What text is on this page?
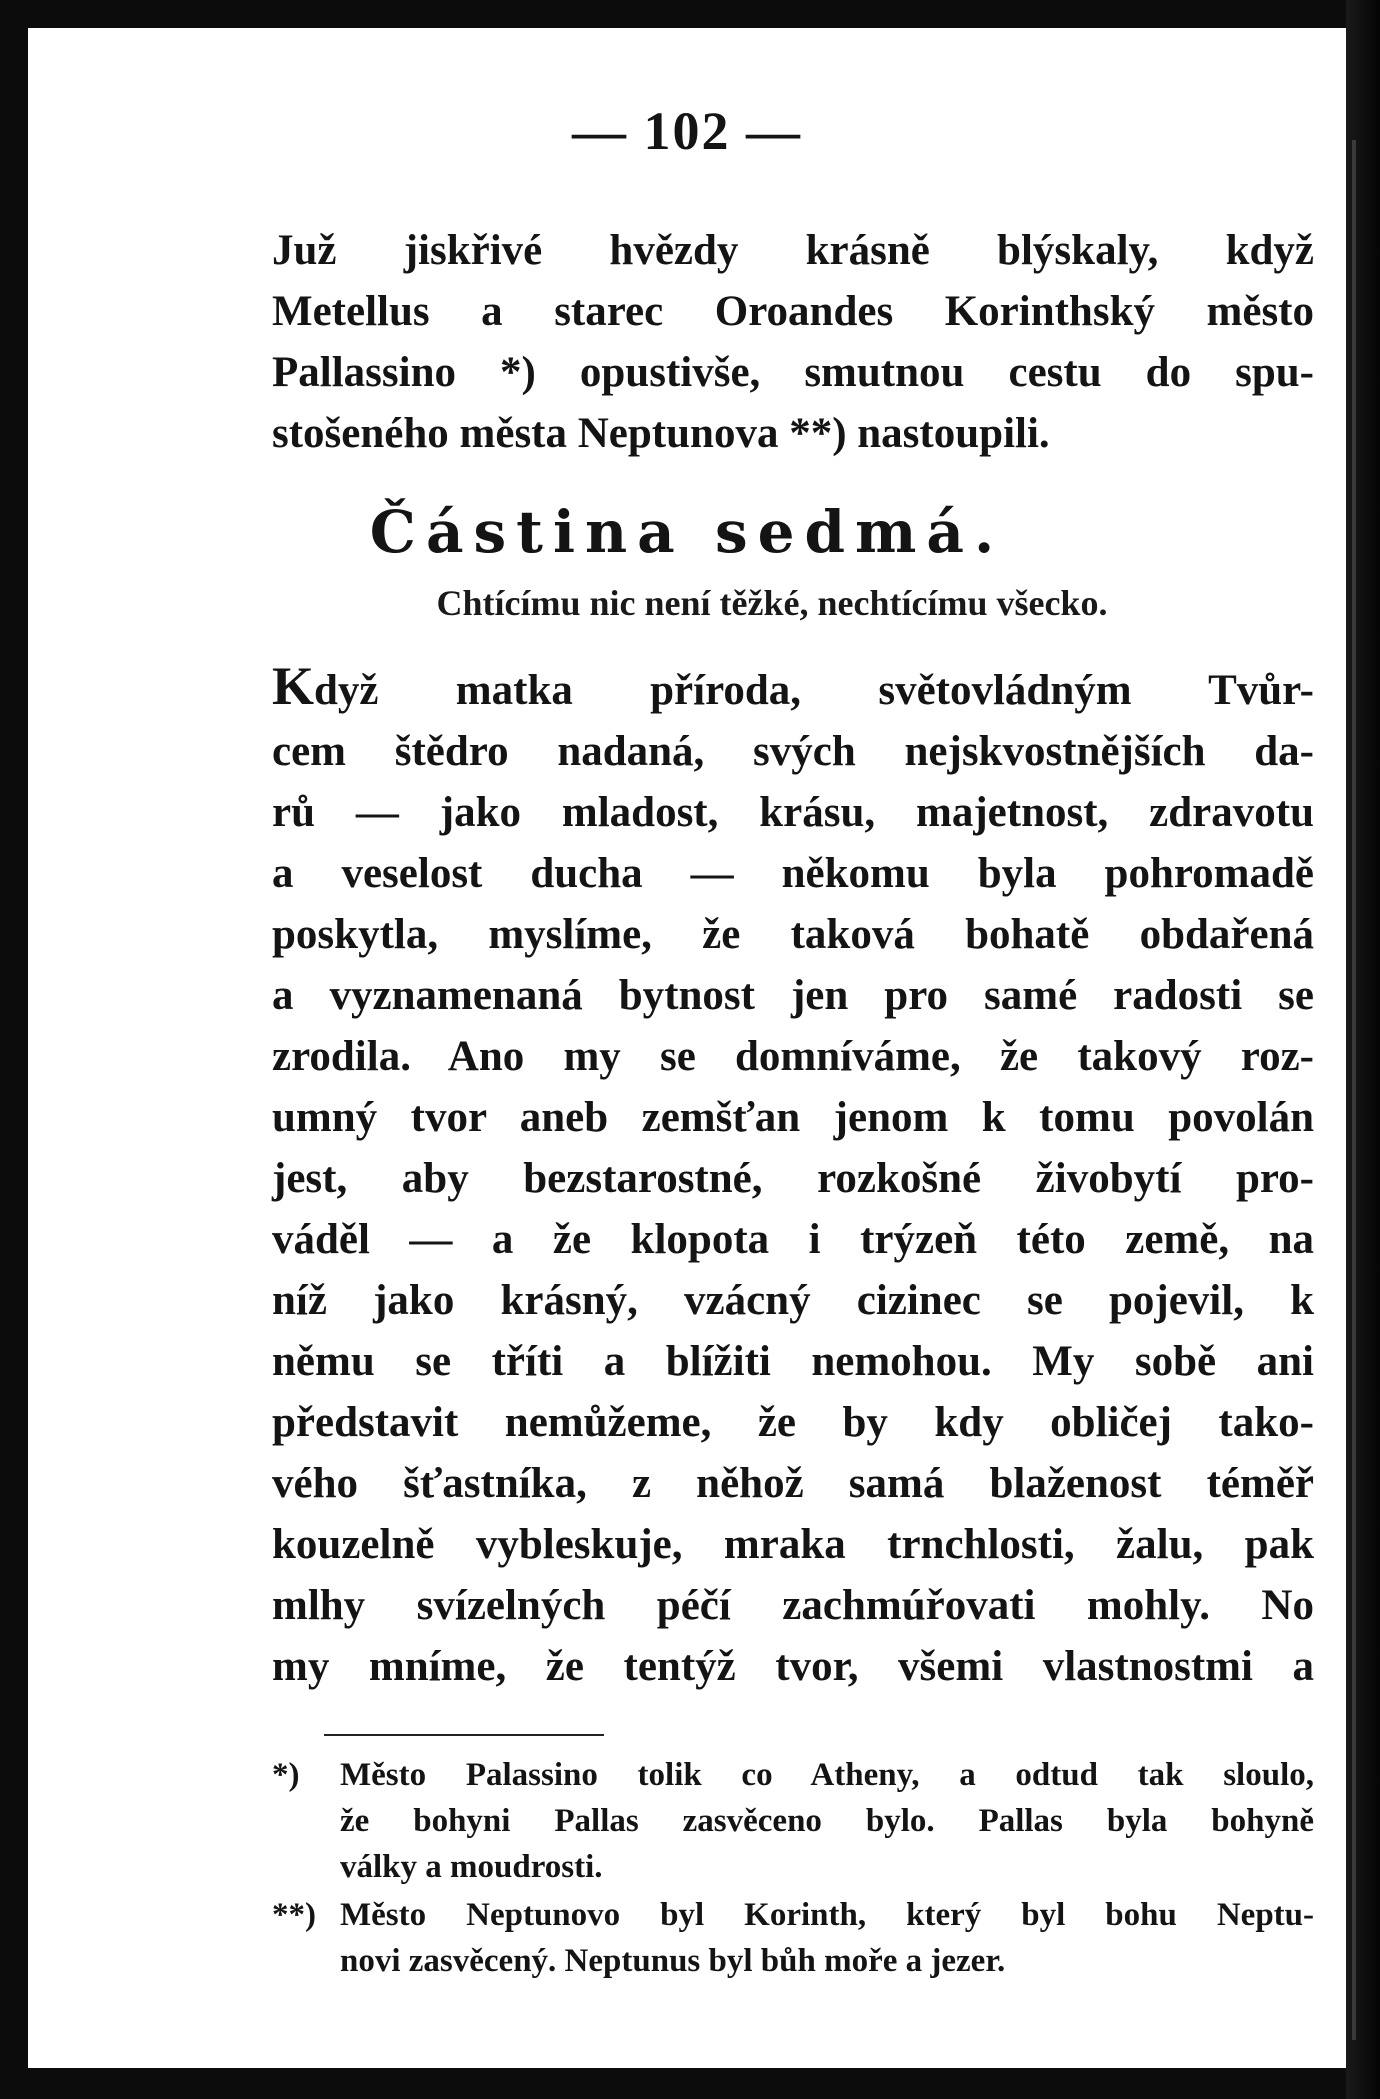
— 102 —

Juž jiskřivé hvězdy krásně blýskaly, když
Metellus a starec Oroandes Korinthský město
Pallassino *) opustivše, smutnou cestu do spu-
stošeného města Neptunova **) nastoupili.

Částina sedmá.
Chtícímu nic není těžké, nechtícímu všecko.

Když matka příroda, světovládným Tvůr-
cem štědro nadaná, svých nejskvostnějších da-
rů — jako mladost, krásu, majetnost, zdravotu
a veselost ducha — někomu byla pohromadě
poskytla, myslíme, že taková bohatě obdařená
a vyznamenaná bytnost jen pro samé radosti se
zrodila. Ano my se domníváme, že takový roz-
umný tvor aneb zemšťan jenom k tomu povolán
jest, aby bezstarostné, rozkošné živobytí pro-
váděl — a že klopota i trýzeň této země, na
níž jako krásný, vzácný cizinec se pojevil, k
němu se tříti a blížiti nemohou. My sobě ani
představit nemůžeme, že by kdy obličej tako-
vého šťastníka, z něhož samá blaženost téměř
kouzelně vybleskuje, mraka trnchlosti, žalu, pak
mlhy svízelných péčí zachmúřovati mohly. No
my mníme, že tentýž tvor, všemi vlastnostmi a

*)	Město Palassino tolik co Atheny, a odtud tak sloulo,
že bohyni Pallas zasvěceno bylo. Pallas byla bohyně
války a moudrosti.
**) Město Neptunovo byl Korinth, který byl bohu Neptu-
novi zasvěcený. Neptunus byl bůh moře a jezer.
